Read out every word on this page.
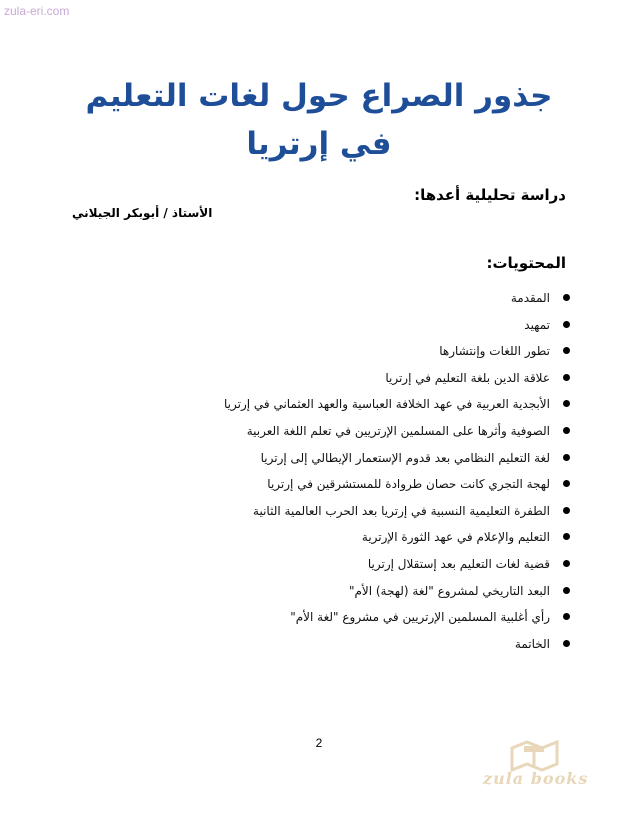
zula-eri.com
جذور الصراع حول لغات التعليم
في إرتريا
دراسة تحليلية أعدها:
الأستاذ / أبوبكر الجيلاني
المحتويات:
المقدمة
تمهيد
تطور اللغات وإنتشارها
علاقة الدين بلغة التعليم في إرتريا
الأبجدية العربية في عهد الخلافة العباسية والعهد العثماني في إرتريا
الصوفية وأثرها على المسلمين الإرتريين في تعلم اللغة العربية
لغة التعليم النظامي بعد قدوم الإستعمار الإيطالي إلى إرتريا
لهجة التجري كانت حصان طروادة للمستشرقين في إرتريا
الطفرة التعليمية النسبية في إرتريا بعد الحرب العالمية الثانية
التعليم والإعلام في عهد الثورة الإرترية
قضية لغات التعليم بعد إستقلال إرتريا
البعد التاريخي لمشروع "لغة (لهجة) الأم"
رأي أغلبية المسلمين الإرتريين في مشروع "لغة الأم"
الخاتمة
2
zula books
